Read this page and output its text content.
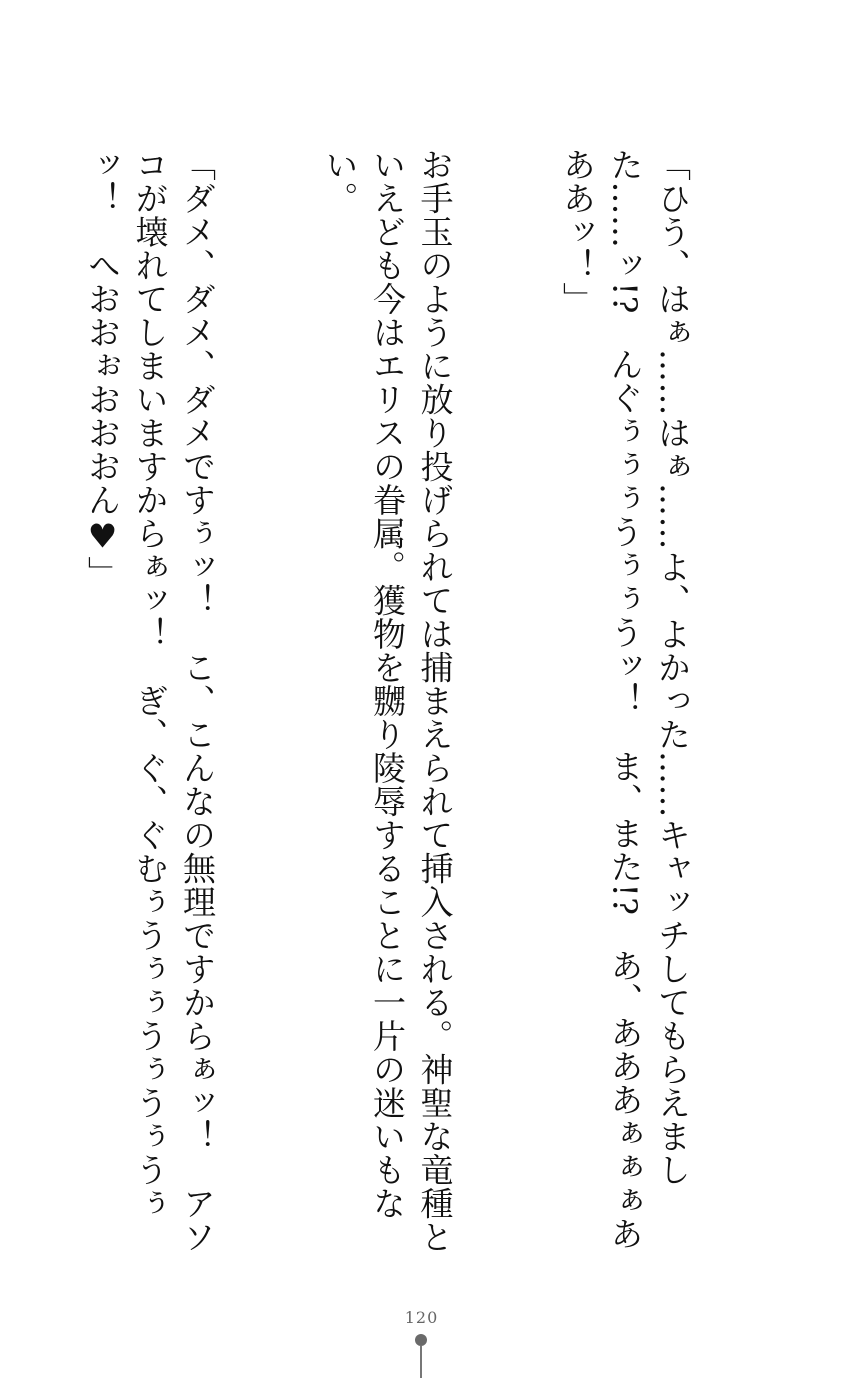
「ひう、はぁ……はぁ……よ、よかった……キャッチしてもらえました……ッ!?　んぐぅぅぅうぅぅうッ！　ま、また!?　あ、あああぁぁぁあああッ！」

お手玉のように放り投げられては捕まえられて挿入される。神聖な竜種といえども今はエリスの眷属。獲物を嬲り陵辱することに一片の迷いもない。

「ダメ、ダメ、ダメですぅッ！　こ、こんなの無理ですからぁッ！　アソコが壊れてしまいますからぁッ！　ぎ、ぐ、ぐむぅうぅぅうぅうぅうぅッ！　へおおぉおおおん♥」

120
